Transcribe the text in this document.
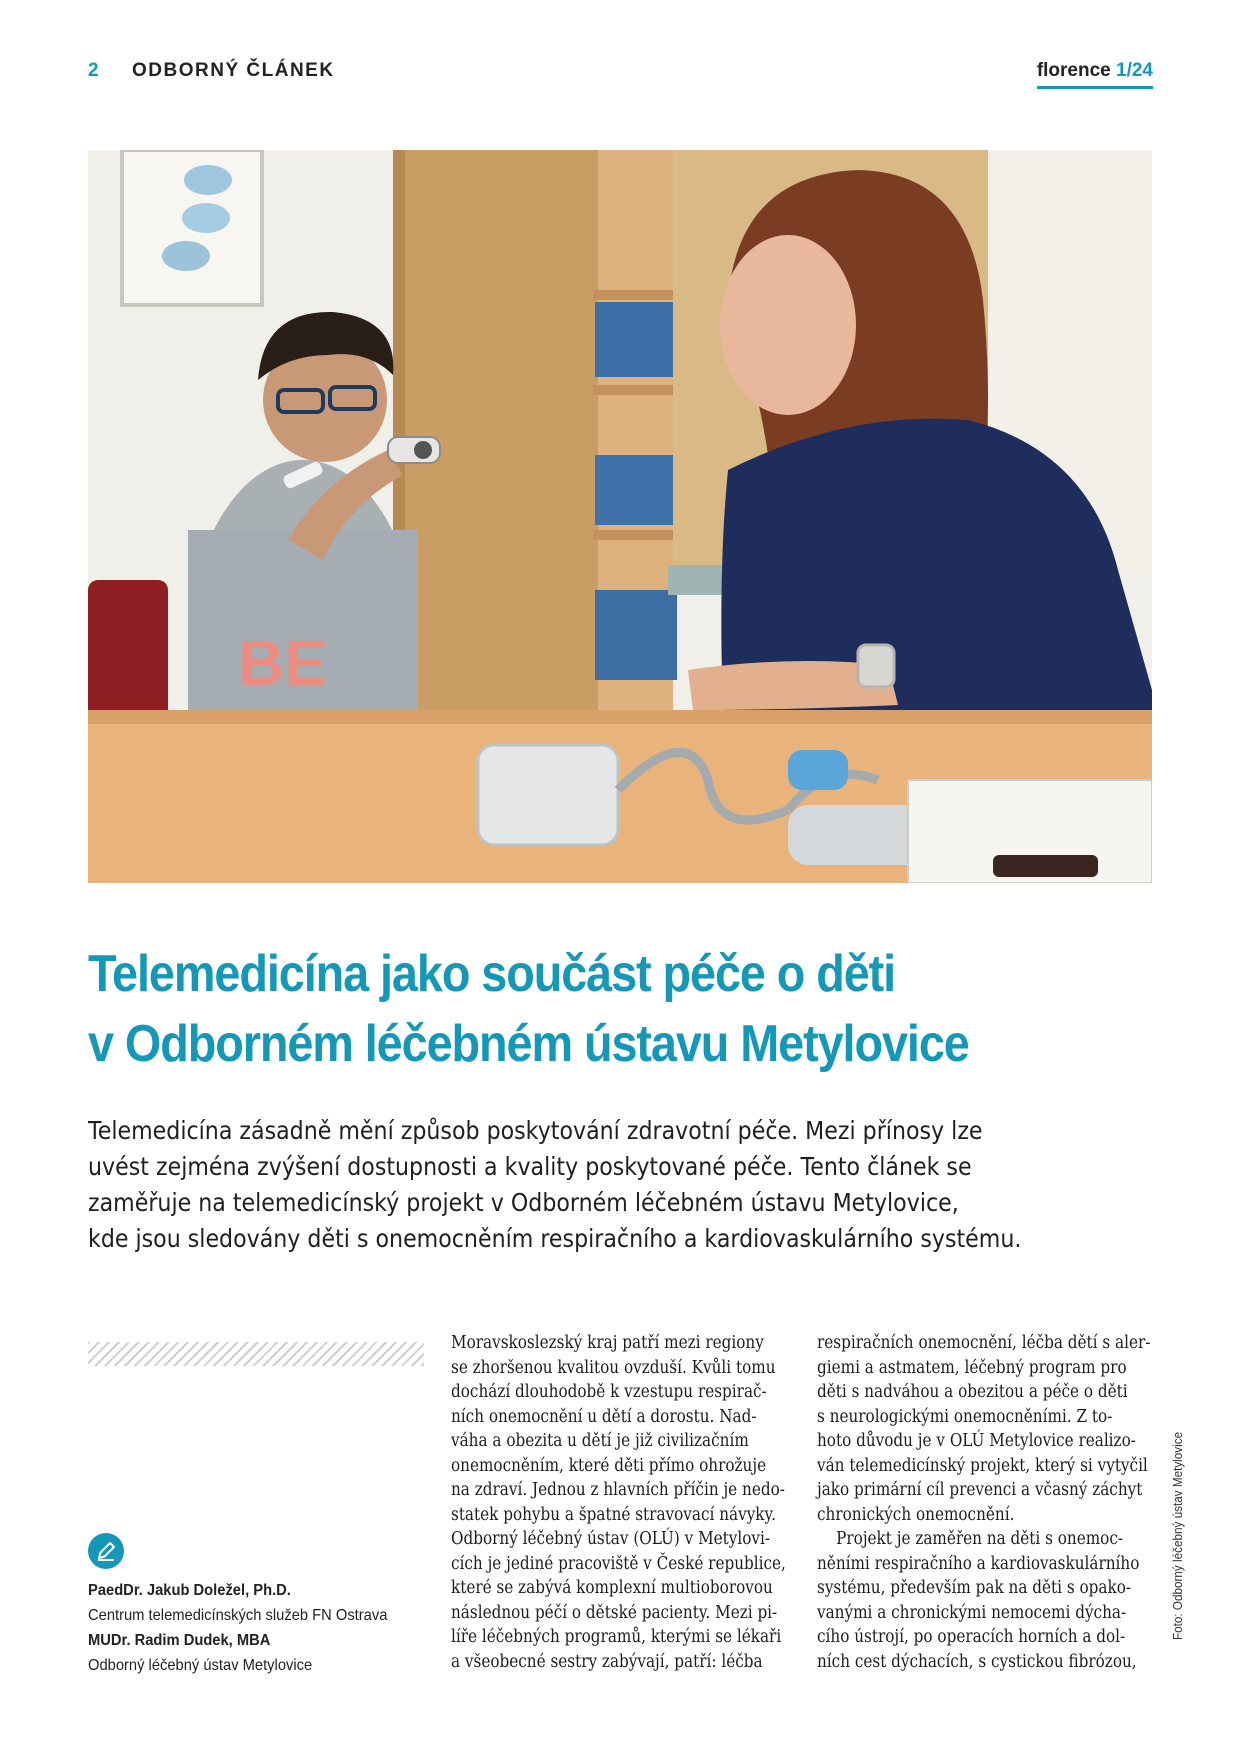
2 ODBORNÝ ČLÁNEK	florence 1/24
BE
Telemedicína jako součást péče o děti
v Odborném léčebném ústavu Metylovice

Telemedicína zásadně mění způsob poskytování zdravotní péče. Mezi přínosy lze
uvést zejména zvýšení dostupnosti a kvality poskytované péče. Tento článek se
zaměřuje na telemedicínský projekt v Odborném léčebném ústavu Metylovice,
kde jsou sledovány děti s onemocněním respiračního a kardiovaskulárního systému.

PaedDr. Jakub Doležel, Ph.D.
Centrum telemedicínských služeb FN Ostrava
MUDr. Radim Dudek, MBA
Odborný léčebný ústav Metylovice
Moravskoslezský kraj patří mezi regiony
se zhoršenou kvalitou ovzduší. Kvůli tomu
dochází dlouhodobě k vzestupu respirač-
ních onemocnění u dětí a dorostu. Nad-
váha a obezita u dětí je již civilizačním
onemocněním, které děti přímo ohrožuje
na zdraví. Jednou z hlavních příčin je nedo-
statek pohybu a špatné stravovací návyky.
Odborný léčebný ústav (OLÚ) v Metylovi-
cích je jediné pracoviště v České republice,
které se zabývá komplexní multioborovou
následnou péčí o dětské pacienty. Mezi pi-
líře léčebných programů, kterými se lékaři
a všeobecné sestry zabývají, patří: léčba
respiračních onemocnění, léčba dětí s aler-
giemi a astmatem, léčebný program pro
děti s nadváhou a obezitou a péče o děti
s neurologickými onemocněními. Z to-
hoto důvodu je v OLÚ Metylovice realizo-
ván telemedicínský projekt, který si vytyčil
jako primární cíl prevenci a včasný záchyt
chronických onemocnění.
Projekt je zaměřen na děti s onemoc-
něními respiračního a kardiovaskulárního
systému, především pak na děti s opako-
vanými a chronickými nemocemi dýcha-
cího ústrojí, po operacích horních a dol-
ních cest dýchacích, s cystickou fibrózou,
Foto: Odborný léčebný ústav Metylovice
